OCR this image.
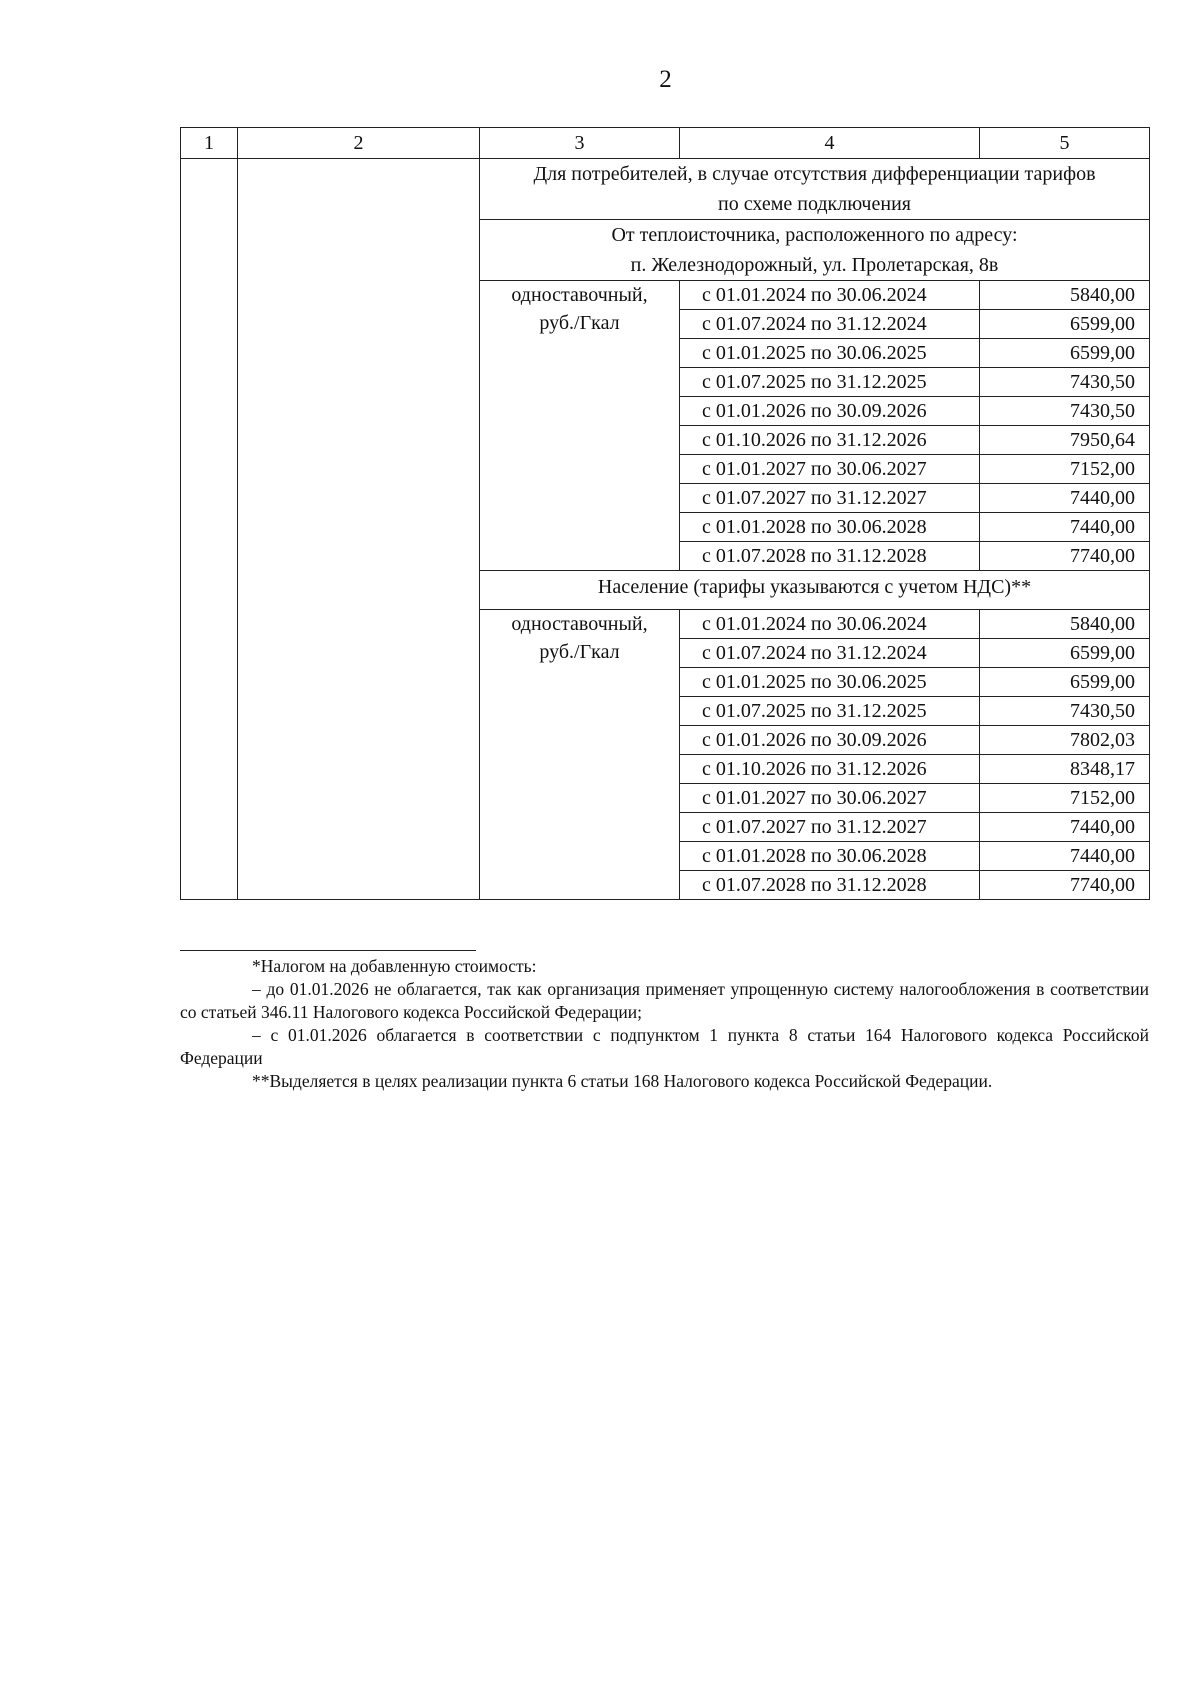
2
1	2	3	4	5

		Для потребителей, в случае отсутствия дифференциации тарифов
по схеме подключения		

		От теплоисточника, расположенного по адресу:
п. Железнодорожный, ул. Пролетарская, 8в		

		одноставочный,
руб./Гкал	с 01.01.2024 по 30.06.2024	5840,00
			с 01.07.2024 по 31.12.2024	6599,00
			с 01.01.2025 по 30.06.2025	6599,00
			с 01.07.2025 по 31.12.2025	7430,50
			с 01.01.2026 по 30.09.2026	7430,50
			с 01.10.2026 по 31.12.2026	7950,64
			с 01.01.2027 по 30.06.2027	7152,00
			с 01.07.2027 по 31.12.2027	7440,00
			с 01.01.2028 по 30.06.2028	7440,00
			с 01.07.2028 по 31.12.2028	7740,00
		Население (тарифы указываются с учетом НДС)**		

		одноставочный,
руб./Гкал	с 01.01.2024 по 30.06.2024	5840,00
			с 01.07.2024 по 31.12.2024	6599,00
			с 01.01.2025 по 30.06.2025	6599,00
			с 01.07.2025 по 31.12.2025	7430,50
			с 01.01.2026 по 30.09.2026	7802,03
			с 01.10.2026 по 31.12.2026	8348,17
			с 01.01.2027 по 30.06.2027	7152,00
			с 01.07.2027 по 31.12.2027	7440,00
			с 01.01.2028 по 30.06.2028	7440,00
			с 01.07.2028 по 31.12.2028	7740,00

*Налогом на добавленную стоимость:

– до 01.01.2026 не облагается, так как организация применяет упрощенную систему налогообложения в соответствии со статьей 346.11 Налогового кодекса Российской Федерации;

– с 01.01.2026 облагается в соответствии с подпунктом 1 пункта 8 статьи 164 Налогового кодекса Российской Федерации

**Выделяется в целях реализации пункта 6 статьи 168 Налогового кодекса Российской Федерации.
